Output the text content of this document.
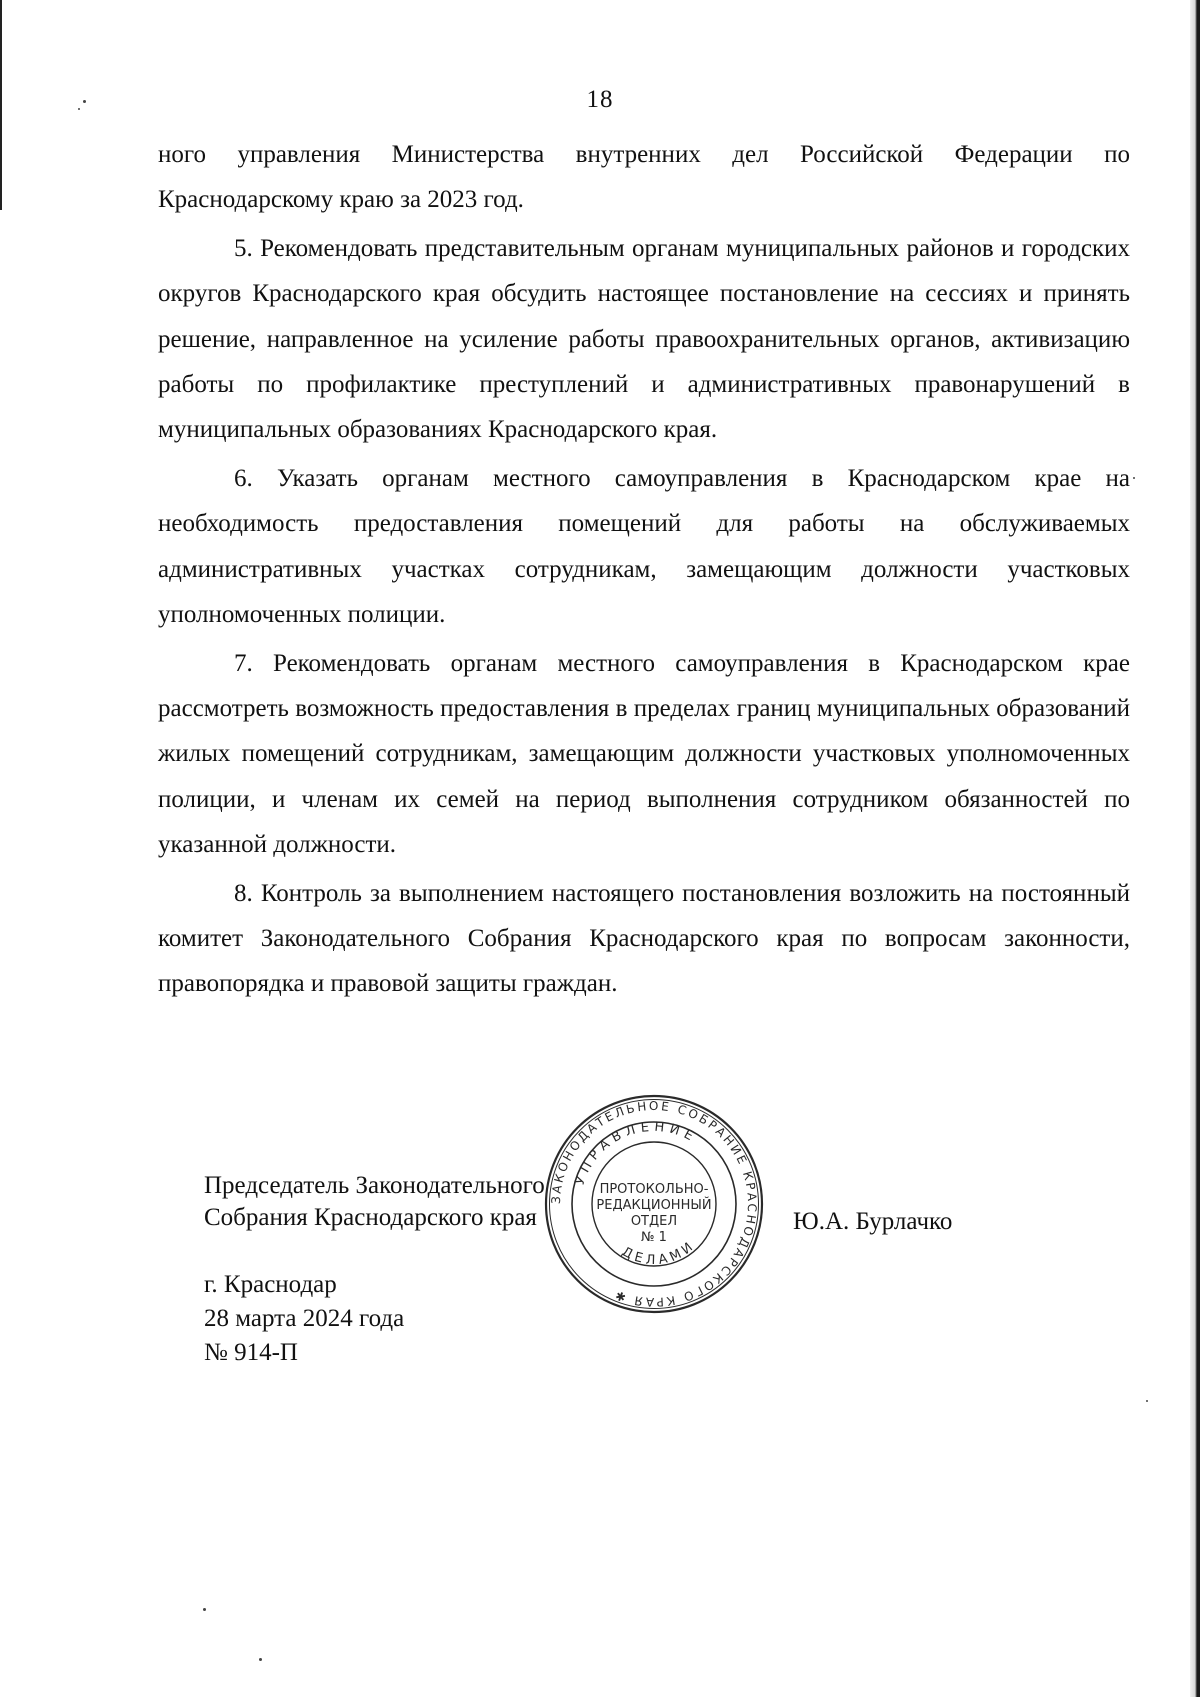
18

ного управления Министерства внутренних дел Российской Федерации по Краснодарскому краю за 2023 год.

5. Рекомендовать представительным органам муниципальных районов и городских округов Краснодарского края обсудить настоящее постановление на сессиях и принять решение, направленное на усиление работы правоохранительных органов, активизацию работы по профилактике преступлений и административных правонарушений в муниципальных образованиях Краснодарского края.

6. Указать органам местного самоуправления в Краснодарском крае на необходимость предоставления помещений для работы на обслуживаемых административных участках сотрудникам, замещающим должности участковых уполномоченных полиции.

7. Рекомендовать органам местного самоуправления в Краснодарском крае рассмотреть возможность предоставления в пределах границ муниципальных образований жилых помещений сотрудникам, замещающим должности участковых уполномоченных полиции, и членам их семей на период выполнения сотрудником обязанностей по указанной должности.

8. Контроль за выполнением настоящего постановления возложить на постоянный комитет Законодательного Собрания Краснодарского края по вопросам законности, правопорядка и правовой защиты граждан.

Председатель Законодательного
Собрания Краснодарского края
ЗАКОНОДАТЕЛЬНОЕ СОБРАНИЕ КРАСНОДАРСКОГО КРАЯ ✱
УПРАВЛЕНИЕ
ДЕЛАМИ
ПРОТОКОЛЬНО-
РЕДАКЦИОННЫЙ
ОТДЕЛ
№ 1
Ю.А. Бурлачко
г. Краснодар
28 марта 2024 года
№ 914-П
